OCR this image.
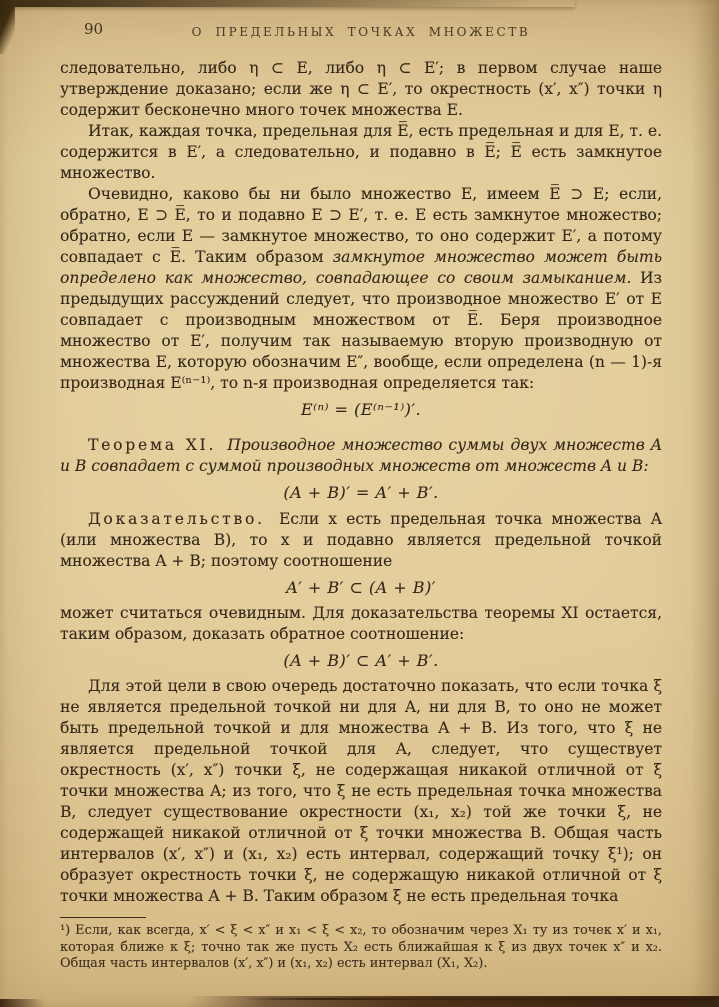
90	О ПРЕДЕЛЬНЫХ ТОЧКАХ МНОЖЕСТВ

следовательно, либо η ⊂ E, либо η ⊂ E′; в первом случае наше утверждение доказано; если же η ⊂ E′, то окрестность (x′, x″) точки η содержит бесконечно много точек множества E.

Итак, каждая точка, предельная для E̅, есть предельная и для E, т. е. содержится в E′, а следовательно, и подавно в E̅; E̅ есть замкнутое множество.

Очевидно, каково бы ни было множество E, имеем E̅ ⊃ E; если, обратно, E ⊃ E̅, то и подавно E ⊃ E′, т. е. E есть замкнутое множество; обратно, если E — замкнутое множество, то оно содержит E′, а потому совпадает с E̅. Таким образом замкнутое множество может быть определено как множество, совпадающее со своим замыканием. Из предыдущих рассуждений следует, что производное множество E′ от E совпадает с производным множеством от E̅. Беря производное множество от E′, получим так называемую вторую производную от множества E, которую обозначим E″, вообще, если определена (n — 1)-я производная E⁽ⁿ⁻¹⁾, то n-я производная определяется так:

E⁽ⁿ⁾ = (E⁽ⁿ⁻¹⁾)′.

Теорема XI. Производное множество суммы двух множеств A и B совпадает с суммой производных множеств от множеств A и B:

(A + B)′ = A′ + B′.

Доказательство. Если x есть предельная точка множества A (или множества B), то x и подавно является предельной точкой множества A + B; поэтому соотношение

A′ + B′ ⊂ (A + B)′

может считаться очевидным. Для доказательства теоремы XI остается, таким образом, доказать обратное соотношение:

(A + B)′ ⊂ A′ + B′.

Для этой цели в свою очередь достаточно показать, что если точка ξ не является предельной точкой ни для A, ни для B, то оно не может быть предельной точкой и для множества A + B. Из того, что ξ не является предельной точкой для A, следует, что существует окрестность (x′, x″) точки ξ, не содержащая никакой отличной от ξ точки множества A; из того, что ξ не есть предельная точка множества B, следует существование окрестности (x₁, x₂) той же точки ξ, не содержащей никакой отличной от ξ точки множества B. Общая часть интервалов (x′, x″) и (x₁, x₂) есть интервал, содержащий точку ξ¹); он образует окрестность точки ξ, не содержащую никакой отличной от ξ точки множества A + B. Таким образом ξ не есть предельная точка

¹) Если, как всегда, x′ < ξ < x″ и x₁ < ξ < x₂, то обозначим через X₁ ту из точек x′ и x₁, которая ближе к ξ; точно так же пусть X₂ есть ближайшая к ξ из двух точек x″ и x₂. Общая часть интервалов (x′, x″) и (x₁, x₂) есть интервал (X₁, X₂).
